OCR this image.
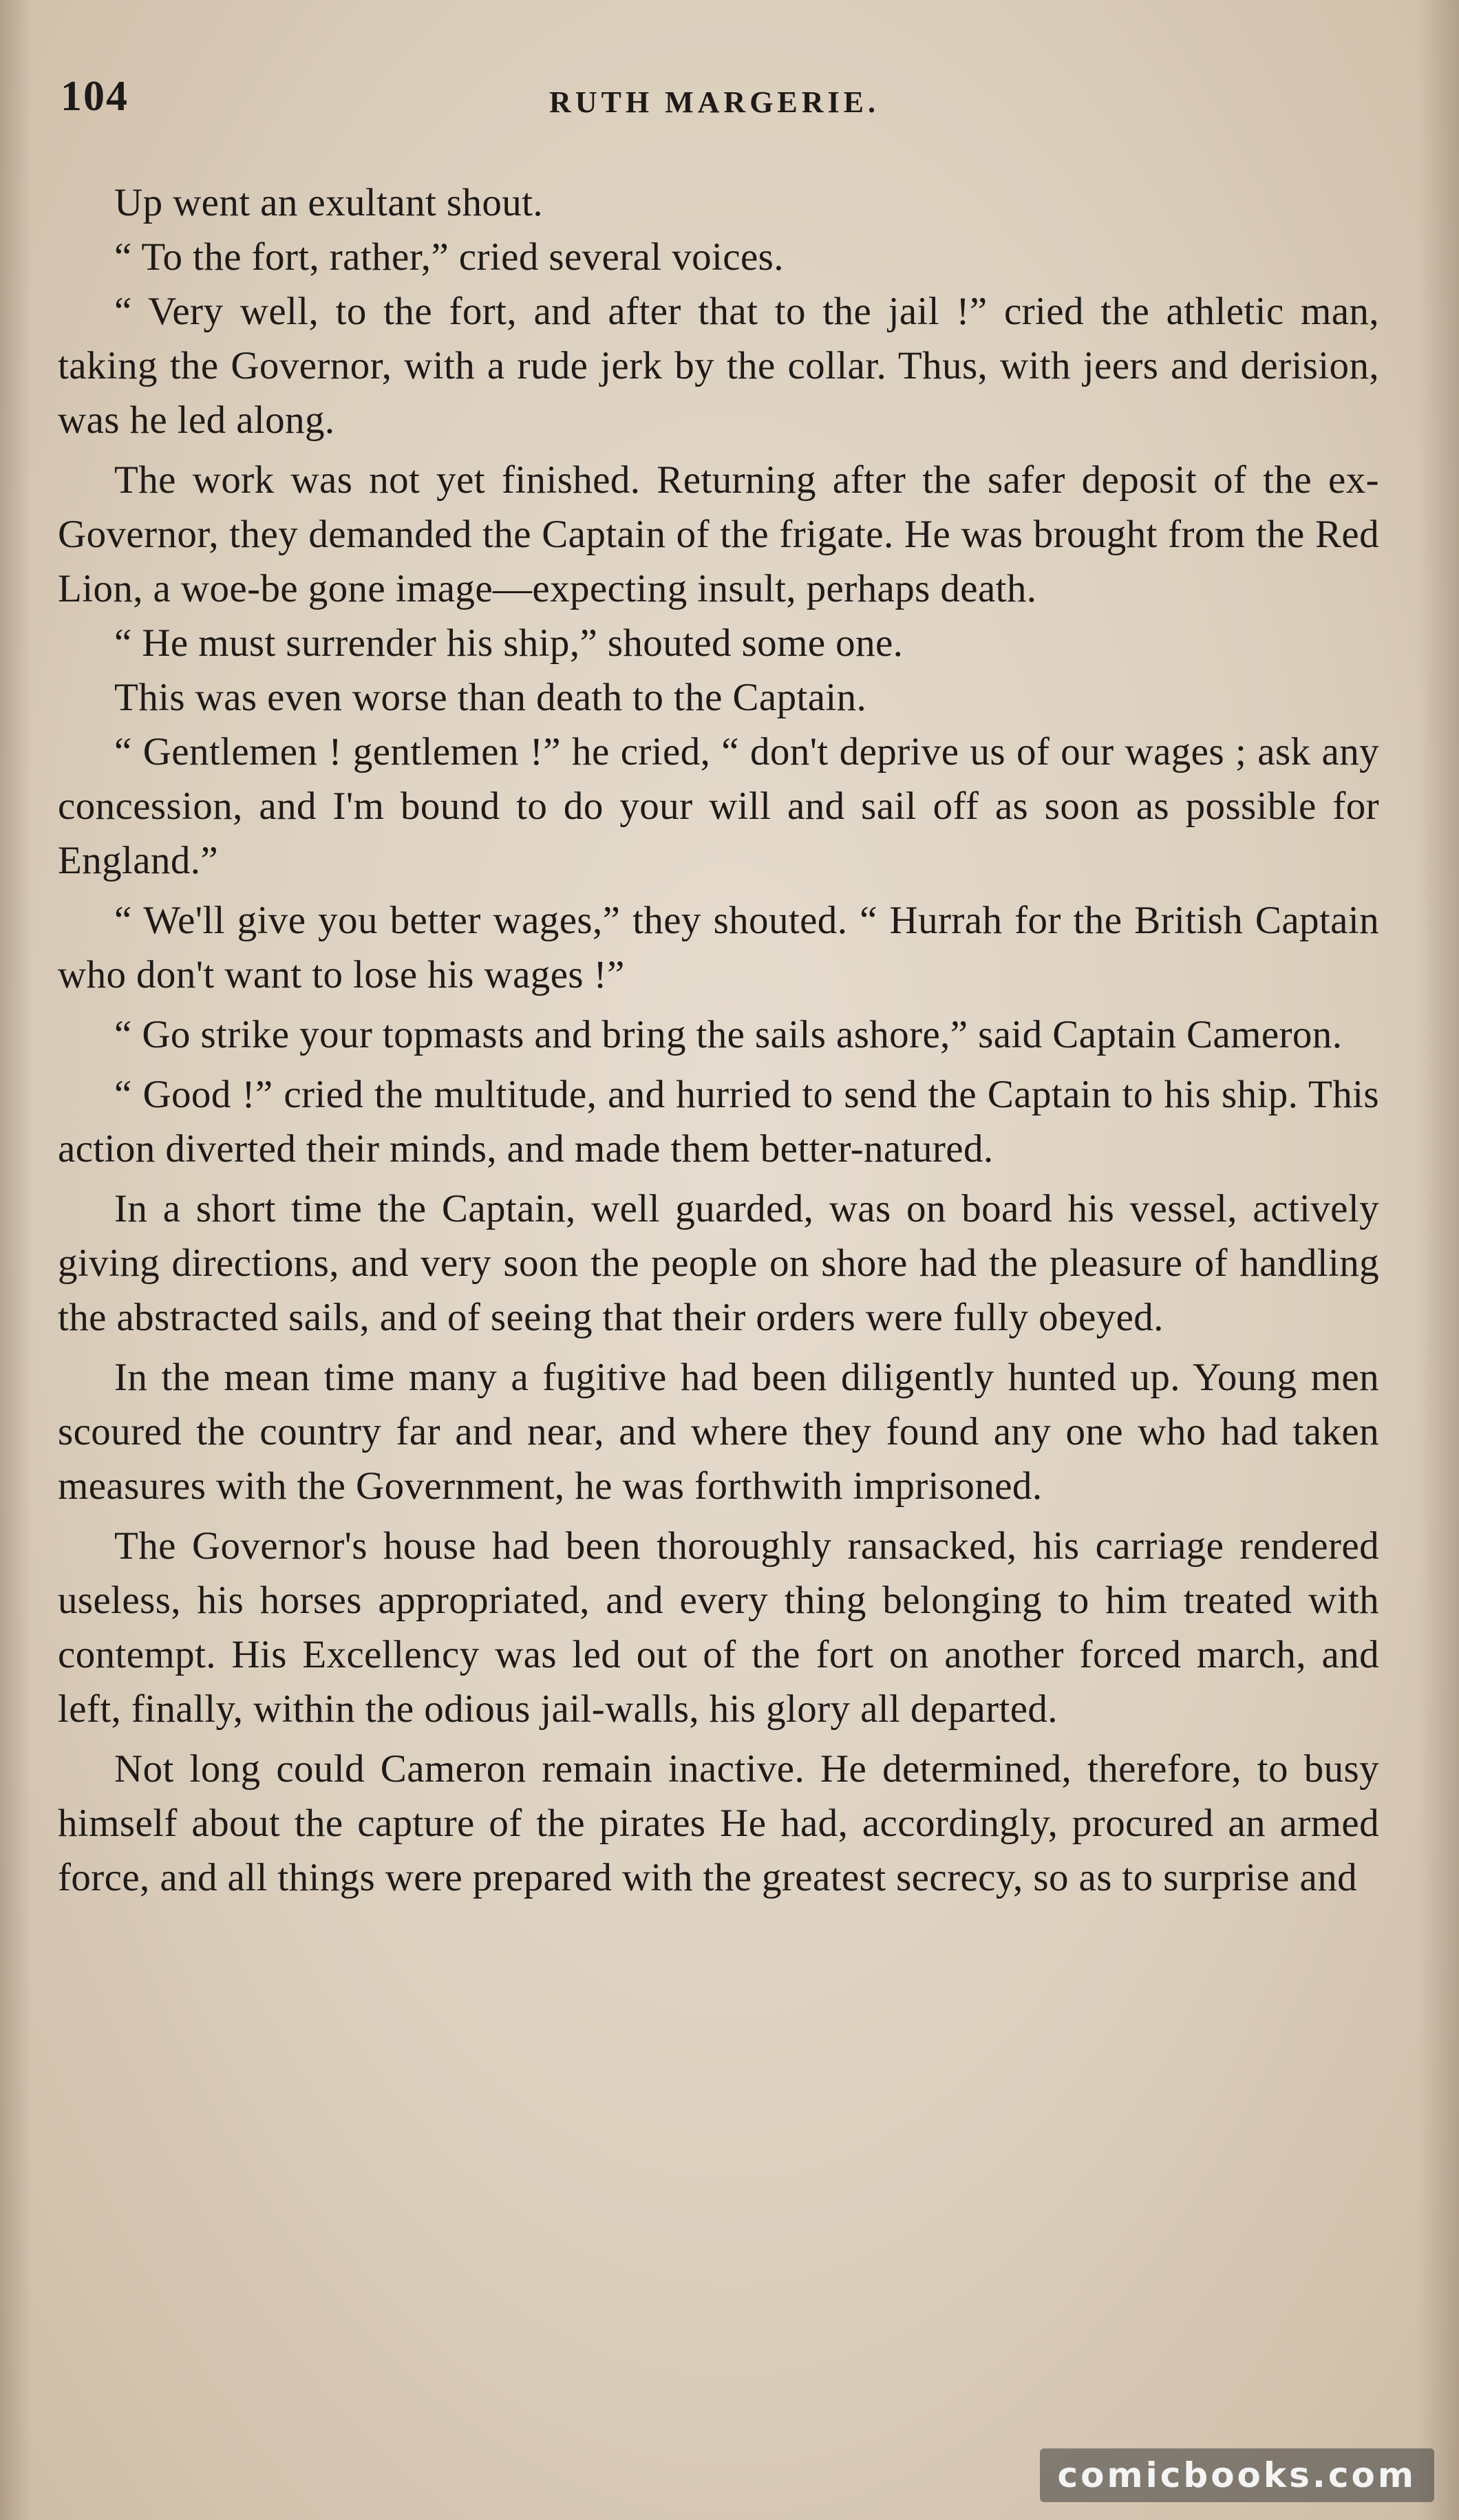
104	RUTH MARGERIE.

Up went an exultant shout.

“ To the fort, rather,” cried several voices.

“ Very well, to the fort, and after that to the jail !” cried the athletic man, taking the Governor, with a rude jerk by the collar. Thus, with jeers and derision, was he led along.

The work was not yet finished. Returning after the safer deposit of the ex-Governor, they demanded the Captain of the frigate. He was brought from the Red Lion, a woe-be gone image—expecting insult, perhaps death.

“ He must surrender his ship,” shouted some one.

This was even worse than death to the Captain.

“ Gentlemen ! gentlemen !” he cried, “ don't deprive us of our wages ; ask any concession, and I'm bound to do your will and sail off as soon as possible for England.”

“ We'll give you better wages,” they shouted. “ Hurrah for the British Captain who don't want to lose his wages !”

“ Go strike your topmasts and bring the sails ashore,” said Captain Cameron.

“ Good !” cried the multitude, and hurried to send the Captain to his ship. This action diverted their minds, and made them better-natured.

In a short time the Captain, well guarded, was on board his vessel, actively giving directions, and very soon the people on shore had the pleasure of handling the abstracted sails, and of seeing that their orders were fully obeyed.

In the mean time many a fugitive had been diligently hunted up. Young men scoured the country far and near, and where they found any one who had taken measures with the Government, he was forthwith imprisoned.

The Governor's house had been thoroughly ransacked, his carriage rendered useless, his horses appropriated, and every thing belonging to him treated with contempt. His Excellency was led out of the fort on another forced march, and left, finally, within the odious jail-walls, his glory all departed.

Not long could Cameron remain inactive. He determined, therefore, to busy himself about the capture of the pirates He had, accordingly, procured an armed force, and all things were prepared with the greatest secrecy, so as to surprise and

comicbooks.com
